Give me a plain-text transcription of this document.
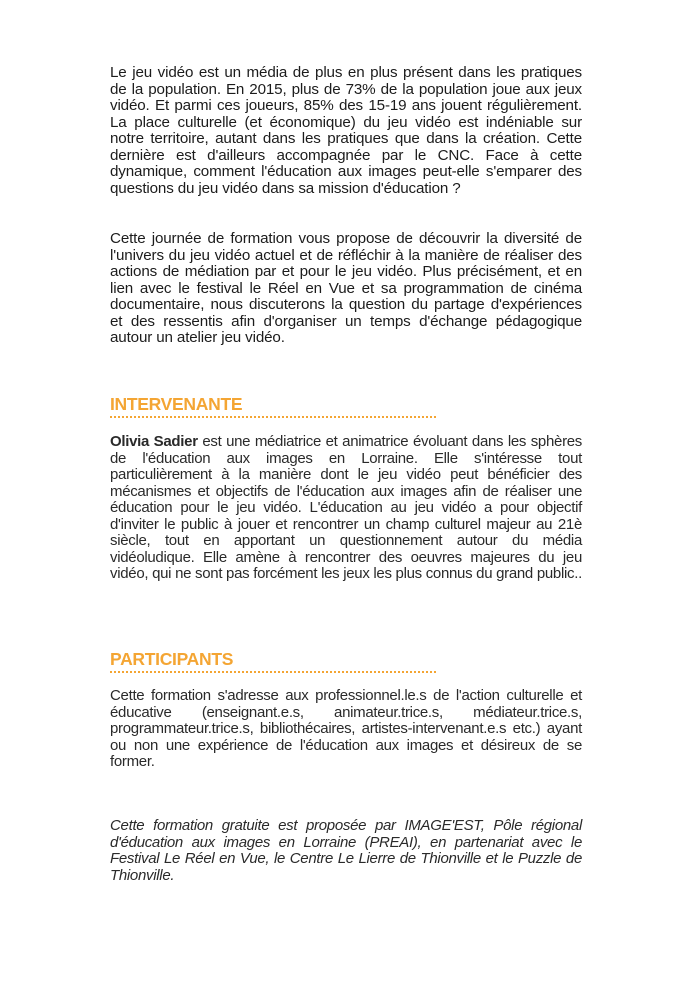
Le jeu vidéo est un média de plus en plus présent dans les pratiques de la population. En 2015, plus de 73% de la population joue aux jeux vidéo. Et parmi ces joueurs, 85% des 15-19 ans jouent régulièrement. La place culturelle (et économique) du jeu vidéo est indéniable sur notre territoire, autant dans les pratiques que dans la création. Cette dernière est d'ailleurs accompagnée par le CNC. Face à cette dynamique, comment l'éducation aux images peut-elle s'emparer des questions du jeu vidéo dans sa mission d'éducation ?

Cette journée de formation vous propose de découvrir la diversité de l'univers du jeu vidéo actuel et de réfléchir à la manière de réaliser des actions de médiation par et pour le jeu vidéo. Plus précisément, et en lien avec le festival le Réel en Vue et sa programmation de cinéma documentaire, nous discuterons la question du partage d'expériences et des ressentis afin d'organiser un temps d'échange pédagogique autour un atelier jeu vidéo.

INTERVENANTE

Olivia Sadier est une médiatrice et animatrice évoluant dans les sphères de l'éducation aux images en Lorraine. Elle s'intéresse tout particulièrement à la manière dont le jeu vidéo peut bénéficier des mécanismes et objectifs de l'éducation aux images afin de réaliser une éducation pour le jeu vidéo. L'éducation au jeu vidéo a pour objectif d'inviter le public à jouer et rencontrer un champ culturel majeur au 21è siècle, tout en apportant un questionnement autour du média vidéoludique. Elle amène à rencontrer des oeuvres majeures du jeu vidéo, qui ne sont pas forcément les jeux les plus connus du grand public..

PARTICIPANTS

Cette formation s'adresse aux professionnel.le.s de l'action culturelle et éducative (enseignant.e.s, animateur.trice.s, médiateur.trice.s, programmateur.trice.s, bibliothécaires, artistes-intervenant.e.s etc.) ayant ou non une expérience de l'éducation aux images et désireux de se former.

Cette formation gratuite est proposée par IMAGE'EST, Pôle régional d'éducation aux images en Lorraine (PREAI), en partenariat avec le Festival Le Réel en Vue, le Centre Le Lierre de Thionville et le Puzzle de Thionville.
